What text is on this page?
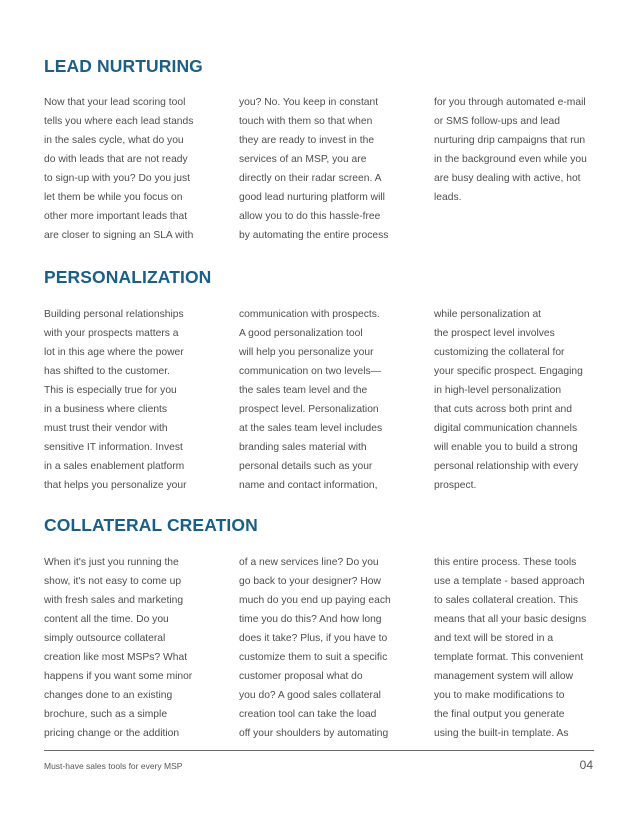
LEAD NURTURING
Now that your lead scoring tool
tells you where each lead stands
in the sales cycle, what do you
do with leads that are not ready
to sign-up with you? Do you just
let them be while you focus on
other more important leads that
are closer to signing an SLA with
you? No. You keep in constant
touch with them so that when
they are ready to invest in the
services of an MSP, you are
directly on their radar screen. A
good lead nurturing platform will
allow you to do this hassle-free
by automating the entire process
for you through automated e-mail
or SMS follow-ups and lead
nurturing drip campaigns that run
in the background even while you
are busy dealing with active, hot
leads.
PERSONALIZATION
Building personal relationships
with your prospects matters a
lot in this age where the power
has shifted to the customer.
This is especially true for you
in a business where clients
must trust their vendor with
sensitive IT information. Invest
in a sales enablement platform
that helps you personalize your
communication with prospects.
A good personalization tool
will help you personalize your
communication on two levels—
the sales team level and the
prospect level. Personalization
at the sales team level includes
branding sales material with
personal details such as your
name and contact information,
while personalization at
the prospect level involves
customizing the collateral for
your specific prospect. Engaging
in high-level personalization
that cuts across both print and
digital communication channels
will enable you to build a strong
personal relationship with every
prospect.
COLLATERAL CREATION
When it's just you running the
show, it's not easy to come up
with fresh sales and marketing
content all the time. Do you
simply outsource collateral
creation like most MSPs? What
happens if you want some minor
changes done to an existing
brochure, such as a simple
pricing change or the addition
of a new services line? Do you
go back to your designer? How
much do you end up paying each
time you do this? And how long
does it take? Plus, if you have to
customize them to suit a specific
customer proposal what do
you do? A good sales collateral
creation tool can take the load
off your shoulders by automating
this entire process. These tools
use a template - based approach
to sales collateral creation. This
means that all your basic designs
and text will be stored in a
template format. This convenient
management system will allow
you to make modifications to
the final output you generate
using the built-in template. As
Must-have sales tools for every MSP	04
